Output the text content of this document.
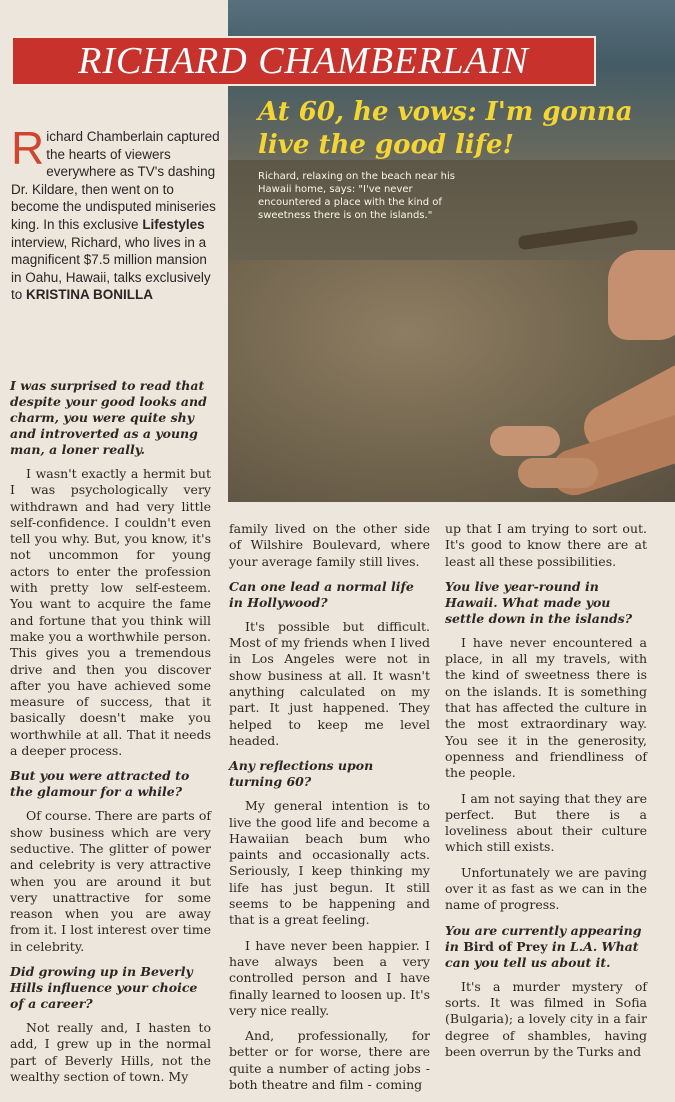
At 60, he vows: I'm gonna live the good life!
Richard, relaxing on the beach near his Hawaii home, says: "I've never encountered a place with the kind of sweetness there is on the islands."
RICHARD CHAMBERLAIN
Richard Chamberlain captured the hearts of viewers everywhere as TV's dashing Dr. Kildare, then went on to become the undisputed miniseries king. In this exclusive Lifestyles interview, Richard, who lives in a magnificent $7.5 million mansion in Oahu, Hawaii, talks exclusively to KRISTINA BONILLA

I was surprised to read that despite your good looks and charm, you were quite shy and introverted as a young man, a loner really.

I wasn't exactly a hermit but I was psychologically very withdrawn and had very little self-confidence. I couldn't even tell you why. But, you know, it's not uncommon for young actors to enter the profession with pretty low self-esteem. You want to acquire the fame and fortune that you think will make you a worthwhile person. This gives you a tremendous drive and then you discover after you have achieved some measure of success, that it basically doesn't make you worthwhile at all. That it needs a deeper process.

But you were attracted to the glamour for a while?

Of course. There are parts of show business which are very seductive. The glitter of power and celebrity is very attractive when you are around it but very unattractive for some reason when you are away from it. I lost interest over time in celebrity.

Did growing up in Beverly Hills influence your choice of a career?

Not really and, I hasten to add, I grew up in the normal part of Beverly Hills, not the wealthy section of town. My

family lived on the other side of Wilshire Boulevard, where your average family still lives.

Can one lead a normal life in Hollywood?

It's possible but difficult. Most of my friends when I lived in Los Angeles were not in show business at all. It wasn't anything calculated on my part. It just happened. They helped to keep me level headed.

Any reflections upon turning 60?

My general intention is to live the good life and become a Hawaiian beach bum who paints and occasionally acts. Seriously, I keep thinking my life has just begun. It still seems to be happening and that is a great feeling.

I have never been happier. I have always been a very controlled person and I have finally learned to loosen up. It's very nice really.

And, professionally, for better or for worse, there are quite a number of acting jobs - both theatre and film - coming

up that I am trying to sort out. It's good to know there are at least all these possibilities.

You live year-round in Hawaii. What made you settle down in the islands?

I have never encountered a place, in all my travels, with the kind of sweetness there is on the islands. It is something that has affected the culture in the most extraordinary way. You see it in the generosity, openness and friendliness of the people.

I am not saying that they are perfect. But there is a loveliness about their culture which still exists.

Unfortunately we are paving over it as fast as we can in the name of progress.

You are currently appearing in Bird of Prey in L.A. What can you tell us about it.

It's a murder mystery of sorts. It was filmed in Sofia (Bulgaria); a lovely city in a fair degree of shambles, having been overrun by the Turks and
